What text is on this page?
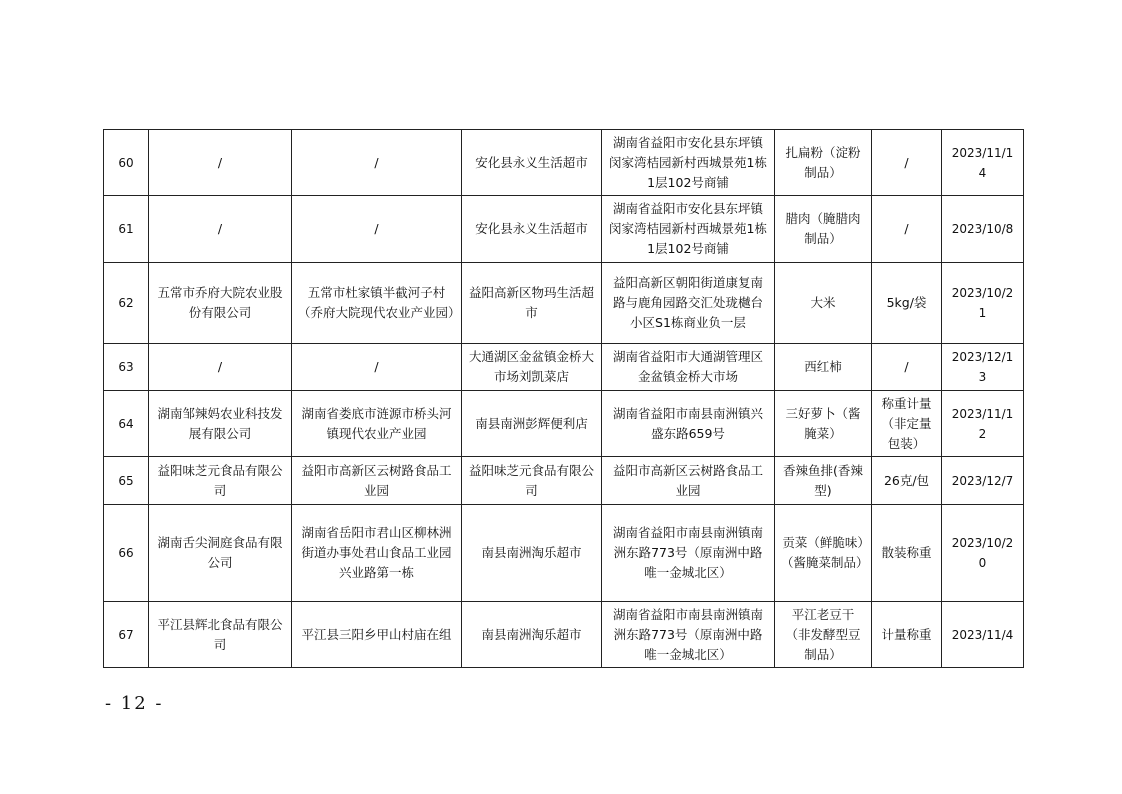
60	/	/	安化县永义生活超市	湖南省益阳市安化县东坪镇闵家湾桔园新村西城景苑1栋1层102号商铺	扎扁粉（淀粉制品）	/	2023/11/14
61	/	/	安化县永义生活超市	湖南省益阳市安化县东坪镇闵家湾桔园新村西城景苑1栋1层102号商铺	腊肉（腌腊肉制品）	/	2023/10/8
62	五常市乔府大院农业股份有限公司	五常市杜家镇半截河子村（乔府大院现代农业产业园）	益阳高新区物玛生活超市	益阳高新区朝阳街道康复南路与鹿角园路交汇处珑樾台小区S1栋商业负一层	大米	5kg/袋	2023/10/21
63	/	/	大通湖区金盆镇金桥大市场刘凯菜店	湖南省益阳市大通湖管理区金盆镇金桥大市场	西红柿	/	2023/12/13
64	湖南邹辣妈农业科技发展有限公司	湖南省娄底市涟源市桥头河镇现代农业产业园	南县南洲彭辉便利店	湖南省益阳市南县南洲镇兴盛东路659号	三好萝卜（酱腌菜）	称重计量（非定量包装）	2023/11/12
65	益阳味芝元食品有限公司	益阳市高新区云树路食品工业园	益阳味芝元食品有限公司	益阳市高新区云树路食品工业园	香辣鱼排(香辣型)	26克/包	2023/12/7
66	湖南舌尖洞庭食品有限公司	湖南省岳阳市君山区柳林洲街道办事处君山食品工业园兴业路第一栋	南县南洲淘乐超市	湖南省益阳市南县南洲镇南洲东路773号（原南洲中路唯一金城北区）	贡菜（鲜脆味）（酱腌菜制品）	散装称重	2023/10/20
67	平江县辉北食品有限公司	平江县三阳乡甲山村庙在组	南县南洲淘乐超市	湖南省益阳市南县南洲镇南洲东路773号（原南洲中路唯一金城北区）	平江老豆干（非发酵型豆制品）	计量称重	2023/11/4
- 12 -
